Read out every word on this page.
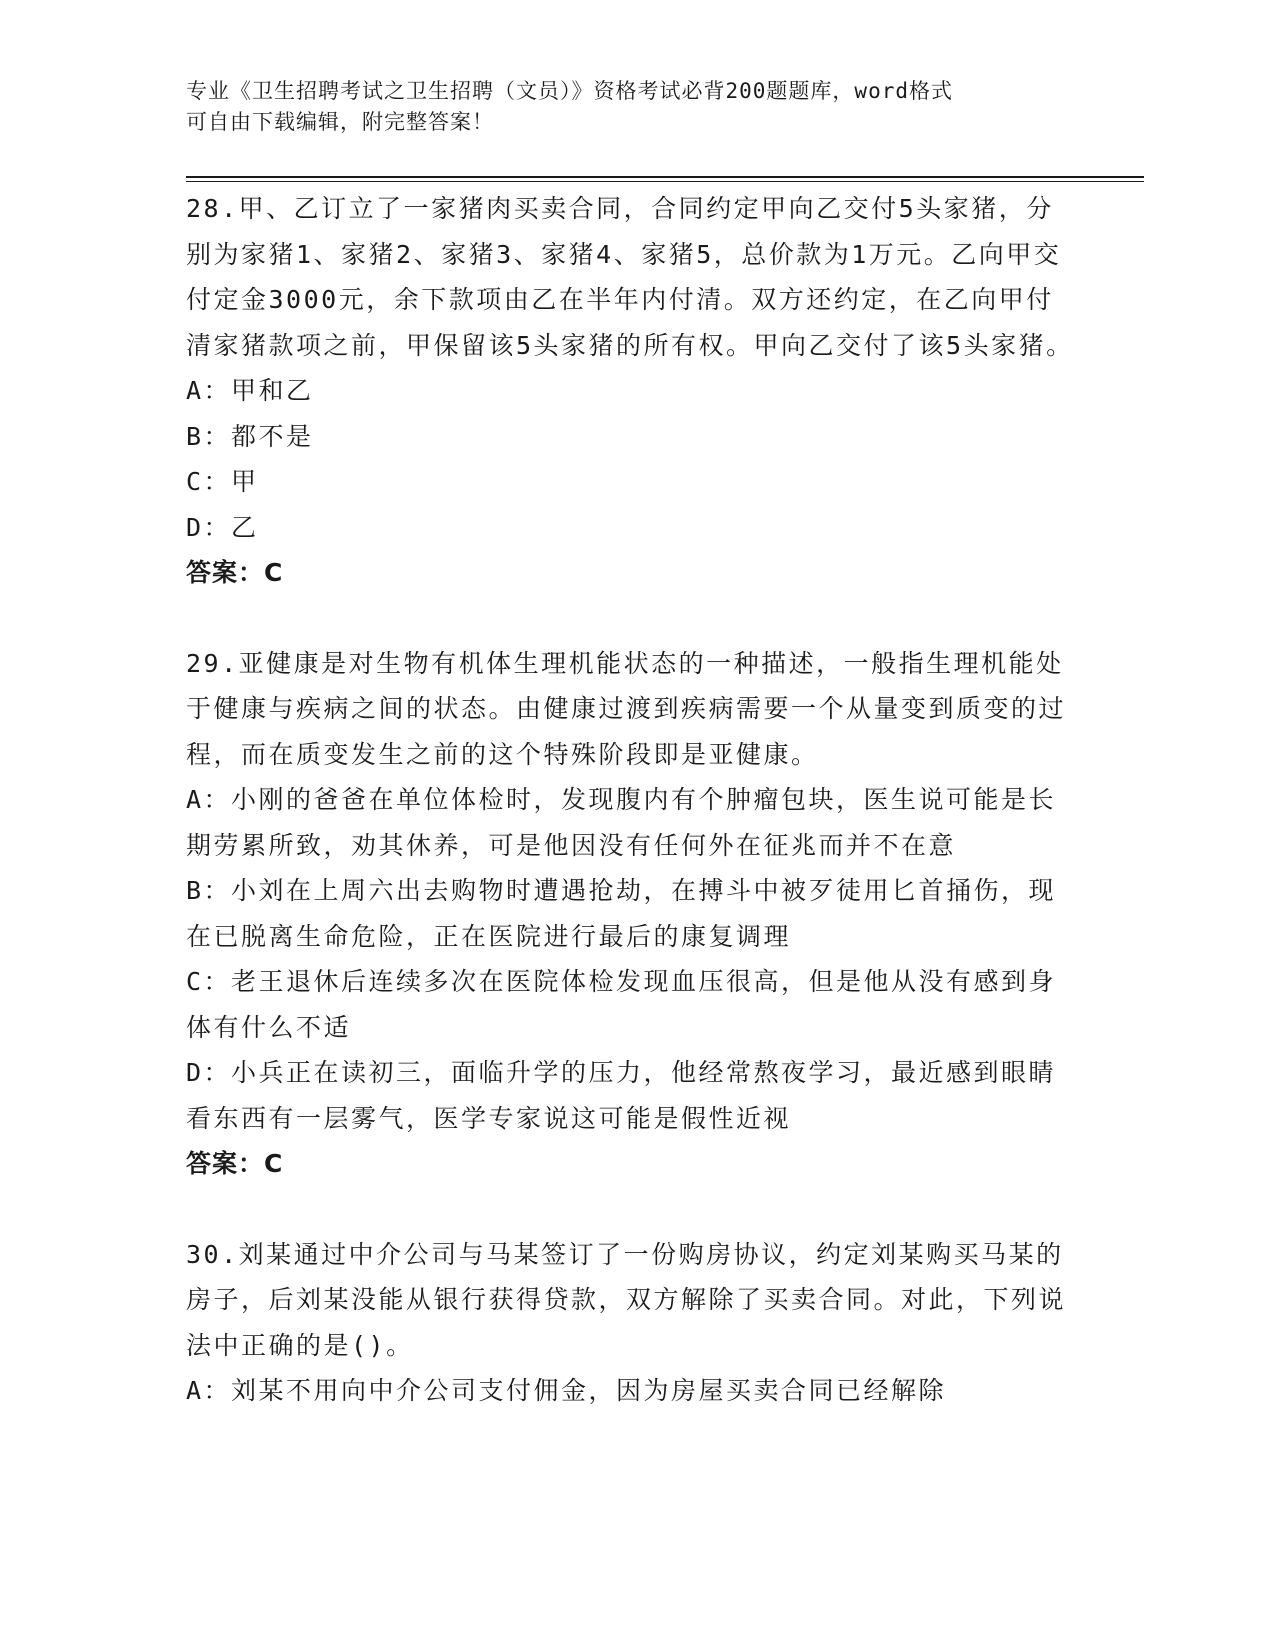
专业《卫生招聘考试之卫生招聘（文员）》资格考试必背200题题库，word格式
可自由下载编辑，附完整答案！

28.甲、乙订立了一家猪肉买卖合同，合同约定甲向乙交付5头家猪，分别为家猪1、家猪2、家猪3、家猪4、家猪5，总价款为1万元。乙向甲交付定金3000元，余下款项由乙在半年内付清。双方还约定，在乙向甲付清家猪款项之前，甲保留该5头家猪的所有权。甲向乙交付了该5头家猪。

A：甲和乙

B：都不是

C：甲

D：乙

答案：C

29.亚健康是对生物有机体生理机能状态的一种描述，一般指生理机能处于健康与疾病之间的状态。由健康过渡到疾病需要一个从量变到质变的过程，而在质变发生之前的这个特殊阶段即是亚健康。

A：小刚的爸爸在单位体检时，发现腹内有个肿瘤包块，医生说可能是长期劳累所致，劝其休养，可是他因没有任何外在征兆而并不在意

B：小刘在上周六出去购物时遭遇抢劫，在搏斗中被歹徒用匕首捅伤，现在已脱离生命危险，正在医院进行最后的康复调理

C：老王退休后连续多次在医院体检发现血压很高，但是他从没有感到身体有什么不适

D：小兵正在读初三，面临升学的压力，他经常熬夜学习，最近感到眼睛看东西有一层雾气，医学专家说这可能是假性近视

答案：C

30.刘某通过中介公司与马某签订了一份购房协议，约定刘某购买马某的房子，后刘某没能从银行获得贷款，双方解除了买卖合同。对此，下列说法中正确的是()。

A：刘某不用向中介公司支付佣金，因为房屋买卖合同已经解除
